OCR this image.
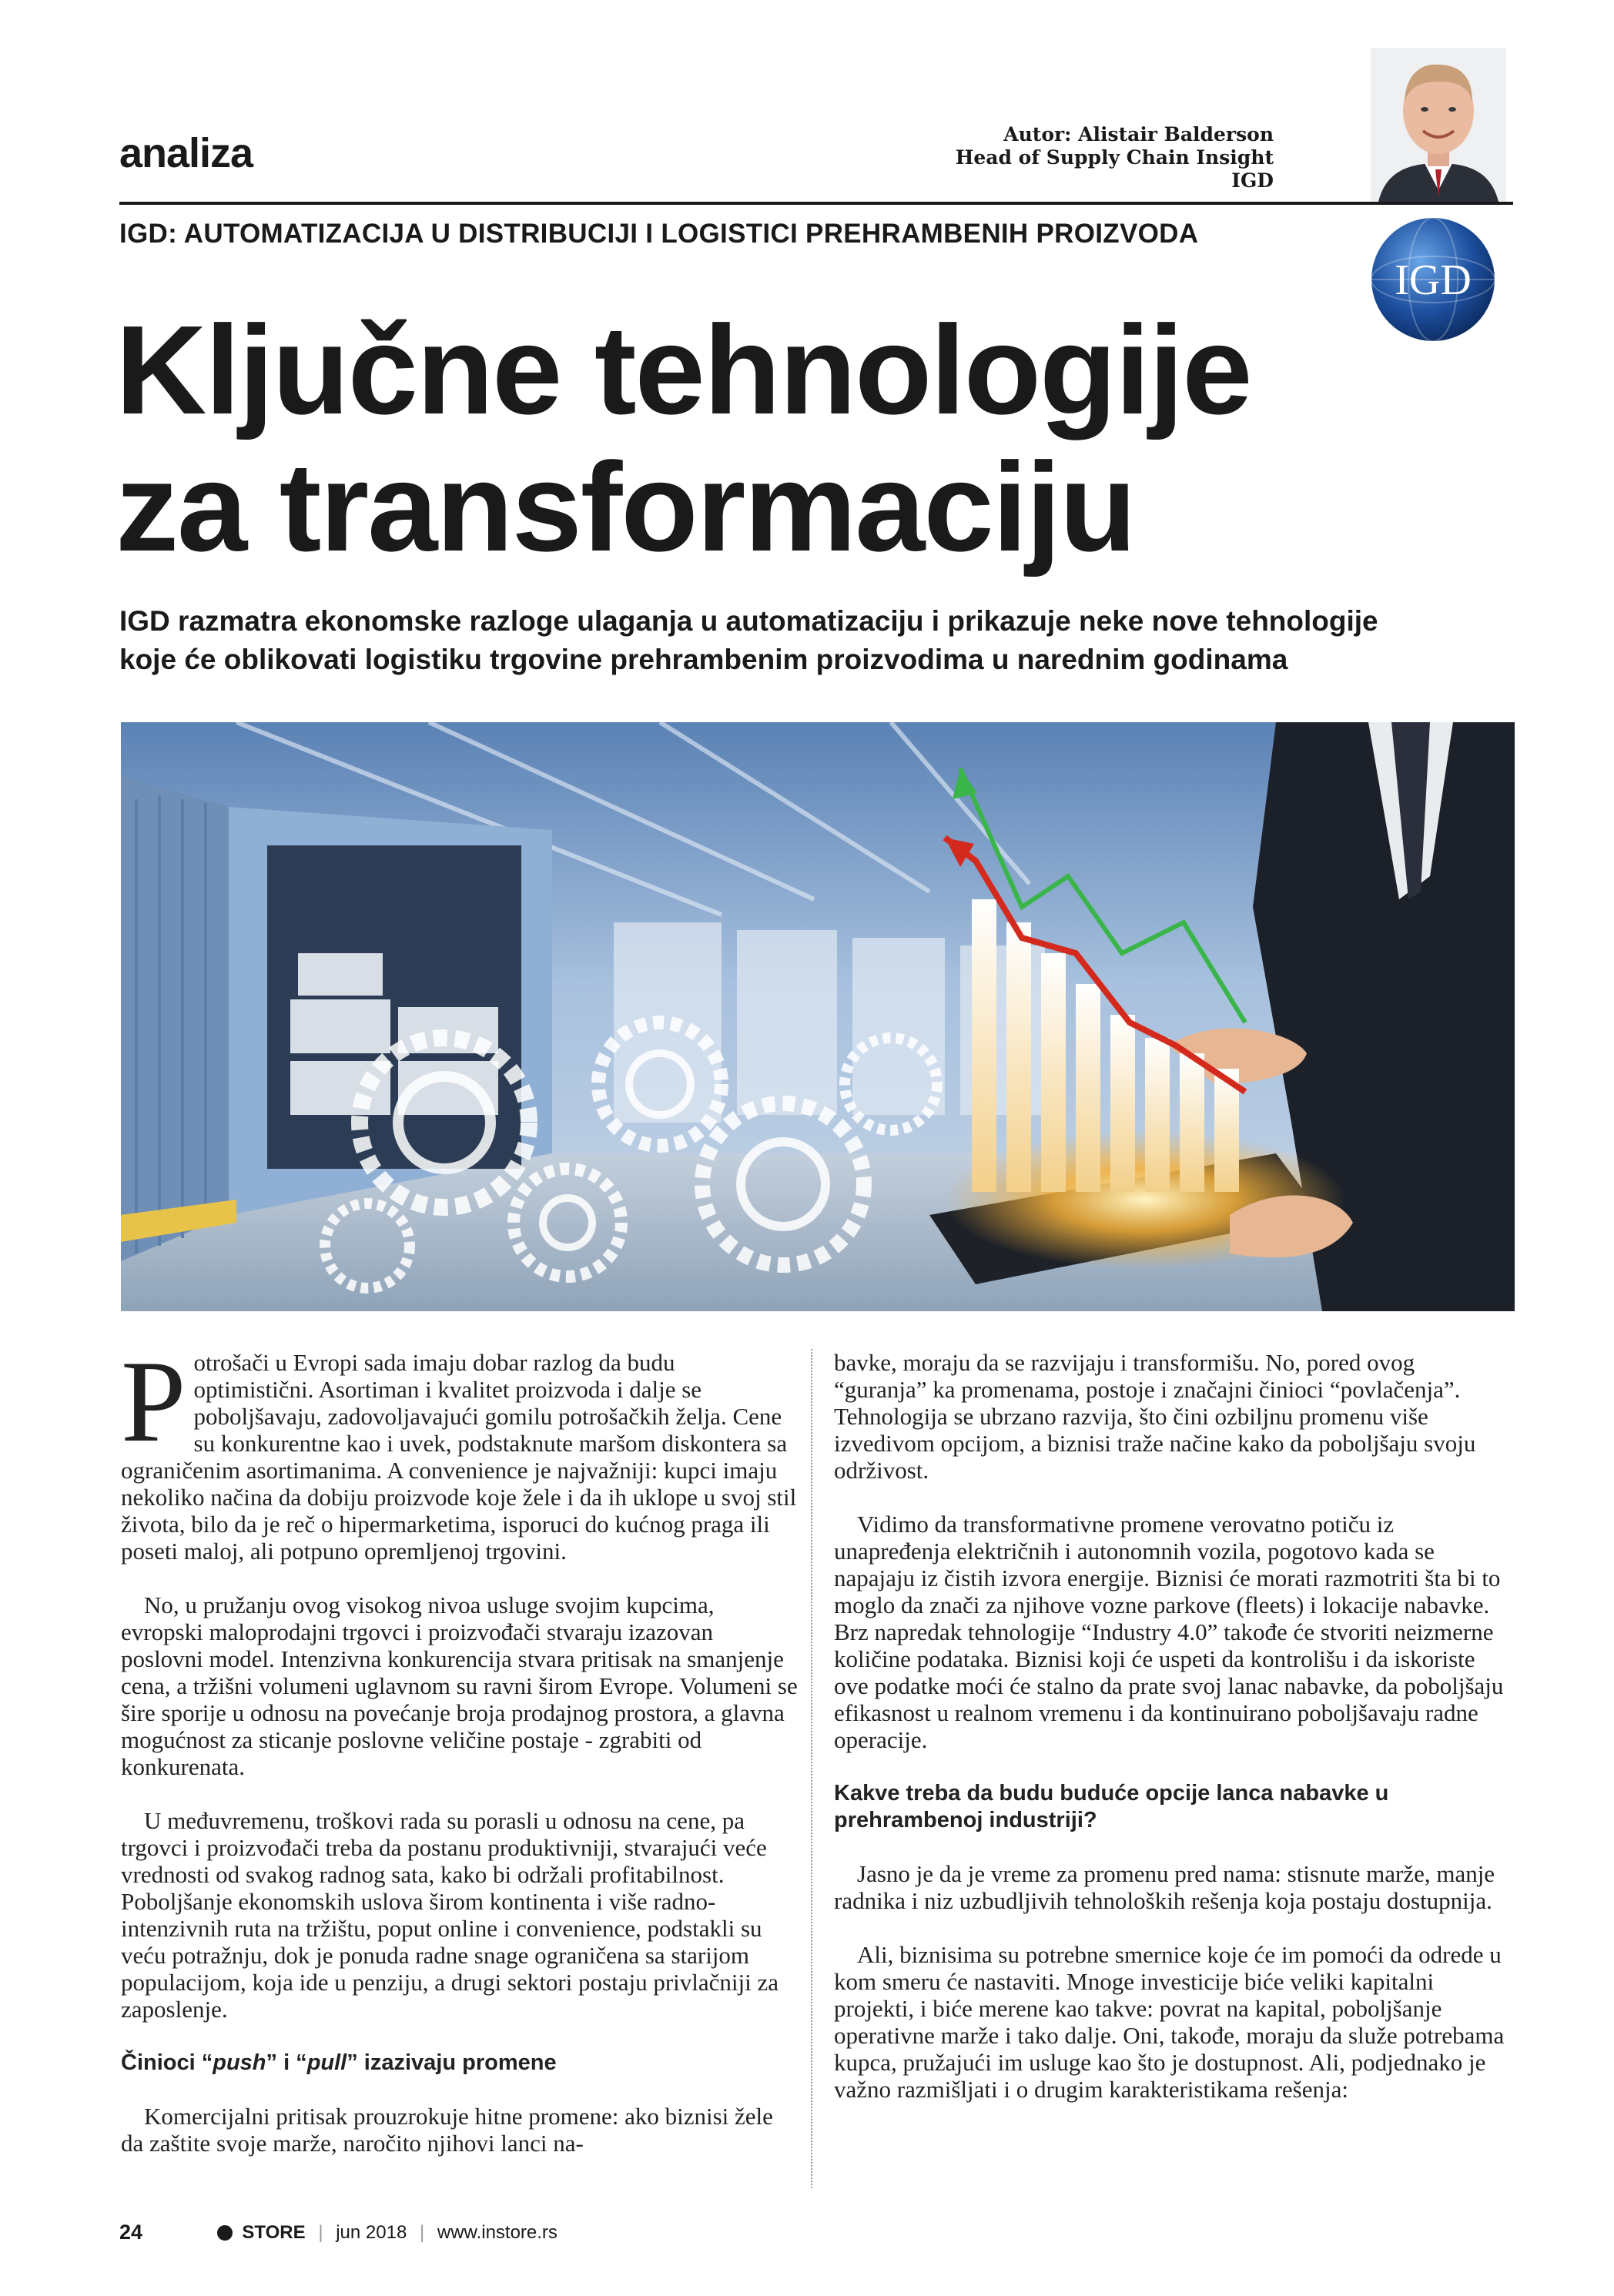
analiza	Autor: Alistair Balderson
Head of Supply Chain Insight
IGD
IGD
IGD: AUTOMATIZACIJA U DISTRIBUCIJI I LOGISTICI PREHRAMBENIH PROIZVODA
Ključne tehnologije
za transformaciju
IGD razmatra ekonomske razloge ulaganja u automatizaciju i prikazuje neke nove tehnologije
koje će oblikovati logistiku trgovine prehrambenim proizvodima u narednim godinama

Potrošači u Evropi sada imaju dobar razlog da budu optimistični. Asortiman i kvalitet proizvoda i dalje se poboljšavaju, zadovoljavajući gomilu potrošačkih želja. Cene su konkurentne kao i uvek, podstaknute maršom diskontera sa ograničenim asortimanima. A convenience je najvažniji: kupci imaju nekoliko načina da dobiju proizvode koje žele i da ih uklope u svoj stil života, bilo da je reč o hipermarketima, isporuci do kućnog praga ili poseti maloj, ali potpuno opremljenoj trgovini.

No, u pružanju ovog visokog nivoa usluge svojim kupcima, evropski maloprodajni trgovci i proizvođači stvaraju izazovan poslovni model. Intenzivna konkurencija stvara pritisak na smanjenje cena, a tržišni volumeni uglavnom su ravni širom Evrope. Volumeni se šire sporije u odnosu na povećanje broja prodajnog prostora, a glavna mogućnost za sticanje poslovne veličine postaje - zgrabiti od konkurenata.

U međuvremenu, troškovi rada su porasli u odnosu na cene, pa trgovci i proizvođači treba da postanu produktivniji, stvarajući veće vrednosti od svakog radnog sata, kako bi održali profitabilnost. Poboljšanje ekonomskih uslova širom kontinenta i više radno-intenzivnih ruta na tržištu, poput online i convenience, podstakli su veću potražnju, dok je ponuda radne snage ograničena sa starijom populacijom, koja ide u penziju, a drugi sektori postaju privlačniji za zaposlenje.

Činioci “push” i “pull” izazivaju promene

Komercijalni pritisak prouzrokuje hitne promene: ako biznisi žele da zaštite svoje marže, naročito njihovi lanci na-

bavke, moraju da se razvijaju i transformišu. No, pored ovog “guranja” ka promenama, postoje i značajni činioci “povlačenja”. Tehnologija se ubrzano razvija, što čini ozbiljnu promenu više izvedivom opcijom, a biznisi traže načine kako da poboljšaju svoju održivost.

Vidimo da transformativne promene verovatno potiču iz unapređenja električnih i autonomnih vozila, pogotovo kada se napajaju iz čistih izvora energije. Biznisi će morati razmotriti šta bi to moglo da znači za njihove vozne parkove (fleets) i lokacije nabavke. Brz napredak tehnologije “Industry 4.0” takođe će stvoriti neizmerne količine podataka. Biznisi koji će uspeti da kontrolišu i da iskoriste ove podatke moći će stalno da prate svoj lanac nabavke, da poboljšaju efikasnost u realnom vremenu i da kontinuirano poboljšavaju radne operacije.

Kakve treba da budu buduće opcije lanca nabavke u prehrambenoj industriji?

Jasno je da je vreme za promenu pred nama: stisnute marže, manje radnika i niz uzbudljivih tehnoloških rešenja koja postaju dostupnija.

Ali, biznisima su potrebne smernice koje će im pomoći da odrede u kom smeru će nastaviti. Mnoge investicije biće veliki kapitalni projekti, i biće merene kao takve: povrat na kapital, poboljšanje operativne marže i tako dalje. Oni, takođe, moraju da služe potrebama kupca, pružajući im usluge kao što je dostupnost. Ali, podjednako je važno razmišljati i o drugim karakteristikama rešenja:

24	STORE | jun 2018 | www.instore.rs
